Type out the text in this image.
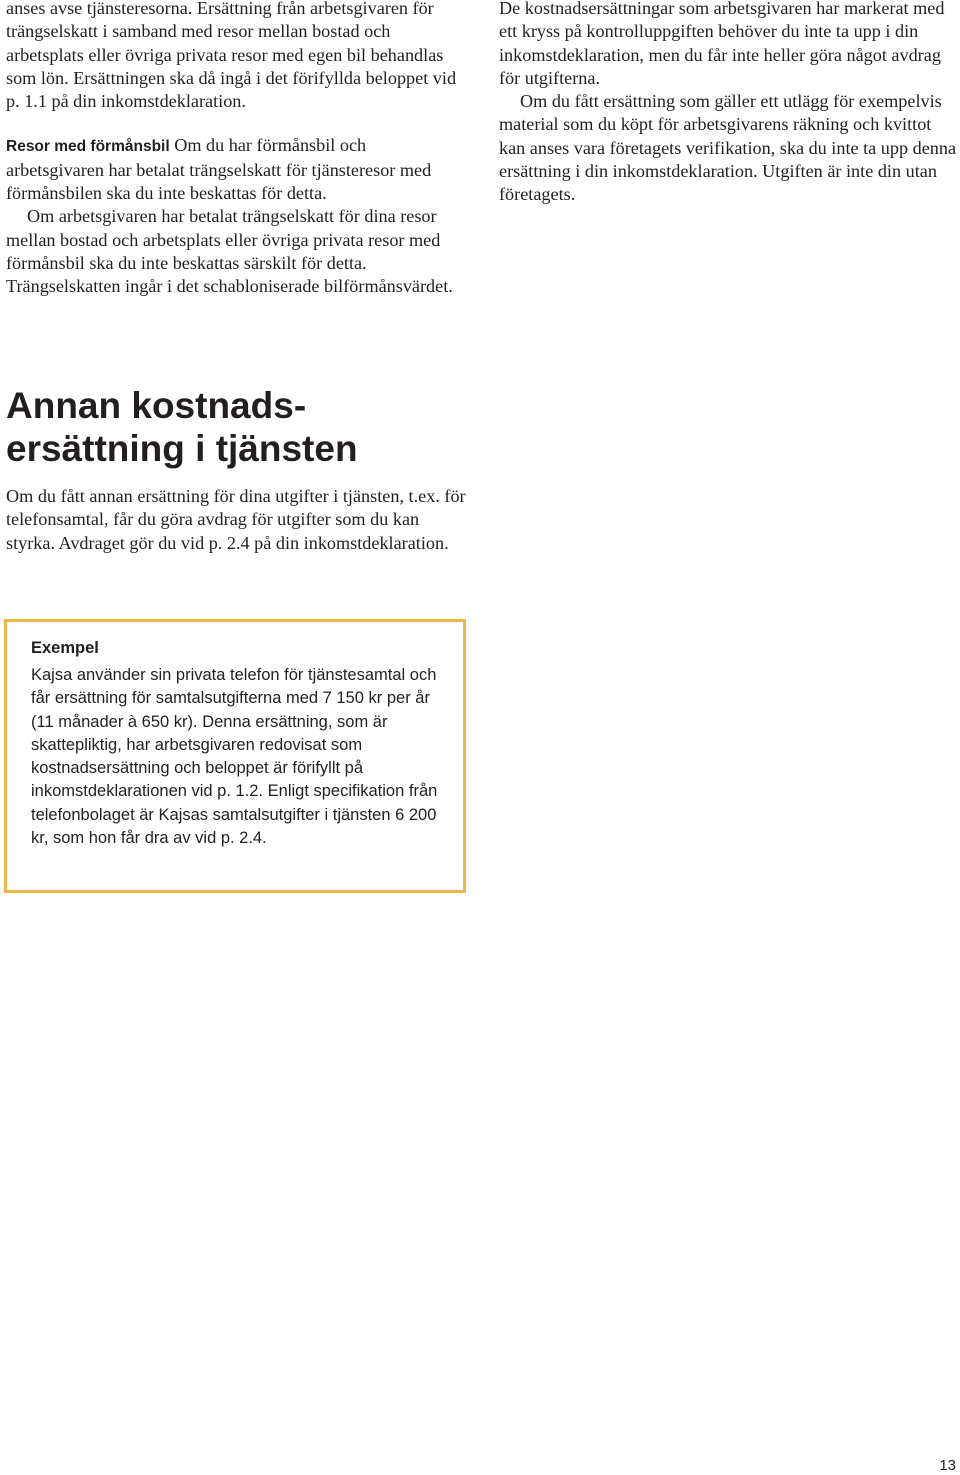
anses avse tjänsteresorna. Ersättning från arbetsgivaren för trängselskatt i samband med resor mellan bostad och arbetsplats eller övriga privata resor med egen bil behandlas som lön. Ersättningen ska då ingå i det förifyllda beloppet vid p. 1.1 på din inkomstdeklaration.

Resor med förmånsbil Om du har förmånsbil och arbetsgivaren har betalat trängselskatt för tjänsteresor med förmånsbilen ska du inte beskattas för detta.

Om arbetsgivaren har betalat trängselskatt för dina resor mellan bostad och arbetsplats eller övriga privata resor med förmånsbil ska du inte beskattas särskilt för detta. Trängselskatten ingår i det schabloniserade bilförmånsvärdet.

De kostnadsersättningar som arbetsgivaren har markerat med ett kryss på kontrolluppgiften behöver du inte ta upp i din inkomstdeklaration, men du får inte heller göra något avdrag för utgifterna.

Om du fått ersättning som gäller ett utlägg för exempelvis material som du köpt för arbetsgivarens räkning och kvittot kan anses vara företagets verifikation, ska du inte ta upp denna ersättning i din inkomstdeklaration. Utgiften är inte din utan företagets.

Annan kostnads-
ersättning i tjänsten

Om du fått annan ersättning för dina utgifter i tjänsten, t.ex. för telefonsamtal, får du göra avdrag för utgifter som du kan styrka. Avdraget gör du vid p. 2.4 på din inkomstdeklaration.

Exempel

Kajsa använder sin privata telefon för tjänstesamtal och får ersättning för samtalsutgifterna med 7 150 kr per år (11 månader à 650 kr). Denna ersättning, som är skattepliktig, har arbetsgivaren redovisat som kostnadsersättning och beloppet är förifyllt på inkomstdeklarationen vid p. 1.2. Enligt specifikation från telefonbolaget är Kajsas samtalsutgifter i tjänsten 6 200 kr, som hon får dra av vid p. 2.4.

13
